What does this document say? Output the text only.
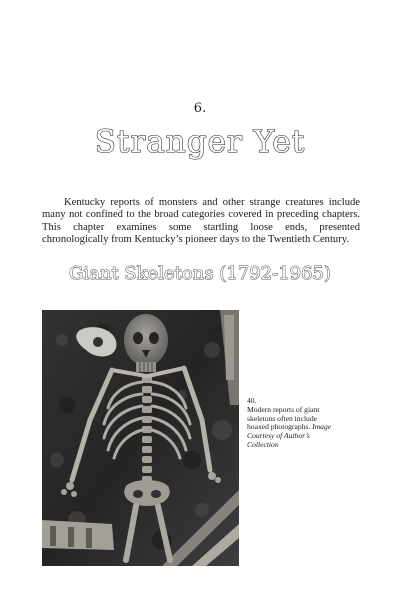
6.
Stranger Yet

Kentucky reports of monsters and other strange creatures include many not confined to the broad categories covered in preceding chapters. This chapter examines some startling loose ends, presented chronologically from Kentucky’s pioneer days to the Twentieth Century.

Giant Skeletons (1792-1965)
40.
Modern reports of giant skeletons often include hoaxed photographs. Image Courtesy of Author’s Collection
